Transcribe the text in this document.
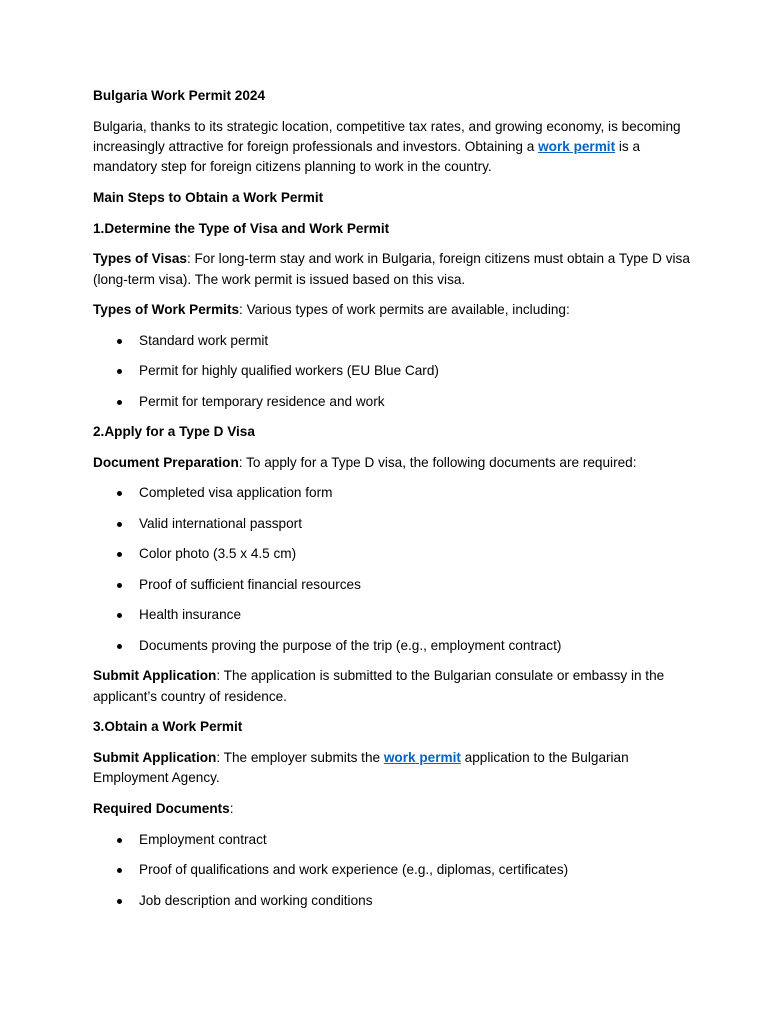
Bulgaria Work Permit 2024

Bulgaria, thanks to its strategic location, competitive tax rates, and growing economy, is becoming increasingly attractive for foreign professionals and investors. Obtaining a work permit is a mandatory step for foreign citizens planning to work in the country.

Main Steps to Obtain a Work Permit

1.Determine the Type of Visa and Work Permit

Types of Visas: For long-term stay and work in Bulgaria, foreign citizens must obtain a Type D visa (long-term visa). The work permit is issued based on this visa.

Types of Work Permits: Various types of work permits are available, including:

Standard work permit
Permit for highly qualified workers (EU Blue Card)
Permit for temporary residence and work

2.Apply for a Type D Visa

Document Preparation: To apply for a Type D visa, the following documents are required:

Completed visa application form
Valid international passport
Color photo (3.5 x 4.5 cm)
Proof of sufficient financial resources
Health insurance
Documents proving the purpose of the trip (e.g., employment contract)

Submit Application: The application is submitted to the Bulgarian consulate or embassy in the applicant’s country of residence.

3.Obtain a Work Permit

Submit Application: The employer submits the work permit application to the Bulgarian Employment Agency.

Required Documents:

Employment contract
Proof of qualifications and work experience (e.g., diplomas, certificates)
Job description and working conditions
